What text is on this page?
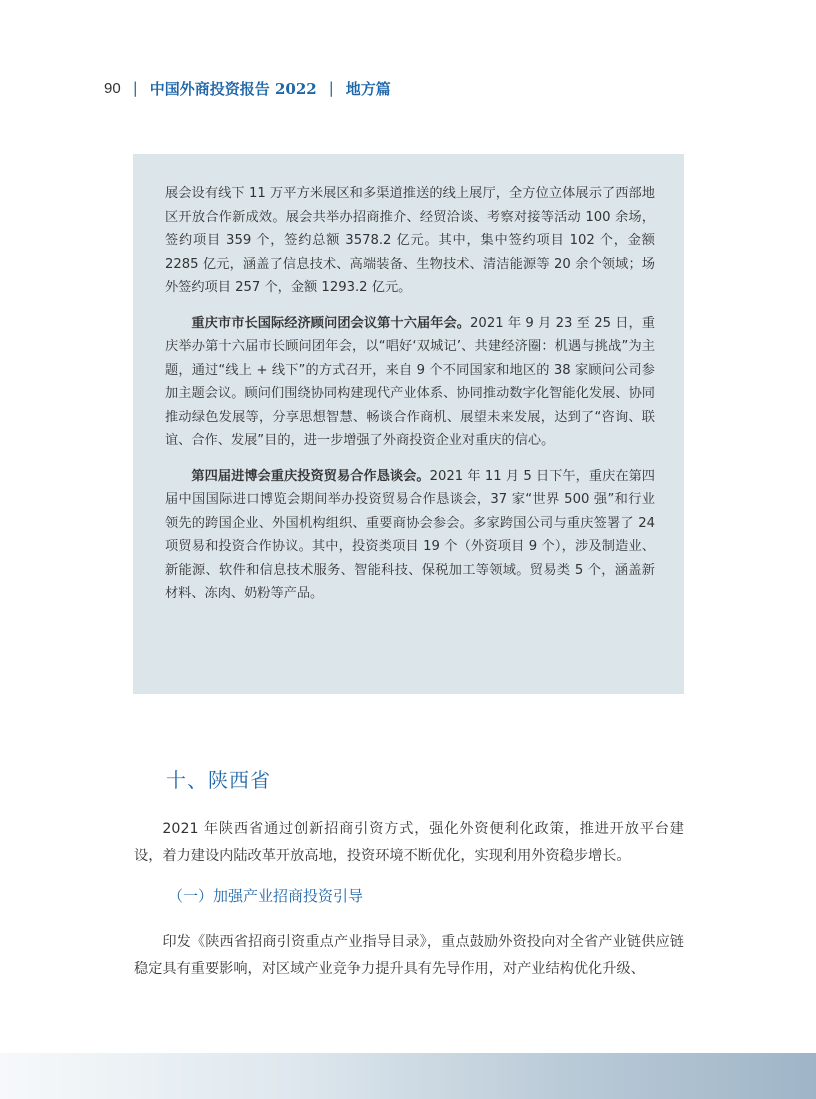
90 | 中国外商投资报告 2022 | 地方篇

展会设有线下 11 万平方米展区和多渠道推送的线上展厅，全方位立体展示了西部地区开放合作新成效。展会共举办招商推介、经贸洽谈、考察对接等活动 100 余场，签约项目 359 个，签约总额 3578.2 亿元。其中，集中签约项目 102 个，金额 2285 亿元，涵盖了信息技术、高端装备、生物技术、清洁能源等 20 余个领域；场外签约项目 257 个，金额 1293.2 亿元。

重庆市市长国际经济顾问团会议第十六届年会。2021 年 9 月 23 至 25 日，重庆举办第十六届市长顾问团年会，以“唱好‘双城记’、共建经济圈：机遇与挑战”为主题，通过“线上 + 线下”的方式召开，来自 9 个不同国家和地区的 38 家顾问公司参加主题会议。顾问们围绕协同构建现代产业体系、协同推动数字化智能化发展、协同推动绿色发展等，分享思想智慧、畅谈合作商机、展望未来发展，达到了“咨询、联谊、合作、发展”目的，进一步增强了外商投资企业对重庆的信心。

第四届进博会重庆投资贸易合作恳谈会。2021 年 11 月 5 日下午，重庆在第四届中国国际进口博览会期间举办投资贸易合作恳谈会，37 家“世界 500 强”和行业领先的跨国企业、外国机构组织、重要商协会参会。多家跨国公司与重庆签署了 24 项贸易和投资合作协议。其中，投资类项目 19 个（外资项目 9 个），涉及制造业、新能源、软件和信息技术服务、智能科技、保税加工等领域。贸易类 5 个，涵盖新材料、冻肉、奶粉等产品。

十、陕西省

2021 年陕西省通过创新招商引资方式，强化外资便利化政策，推进开放平台建设，着力建设内陆改革开放高地，投资环境不断优化，实现利用外资稳步增长。

（一）加强产业招商投资引导

印发《陕西省招商引资重点产业指导目录》，重点鼓励外资投向对全省产业链供应链稳定具有重要影响，对区域产业竞争力提升具有先导作用，对产业结构优化升级、
